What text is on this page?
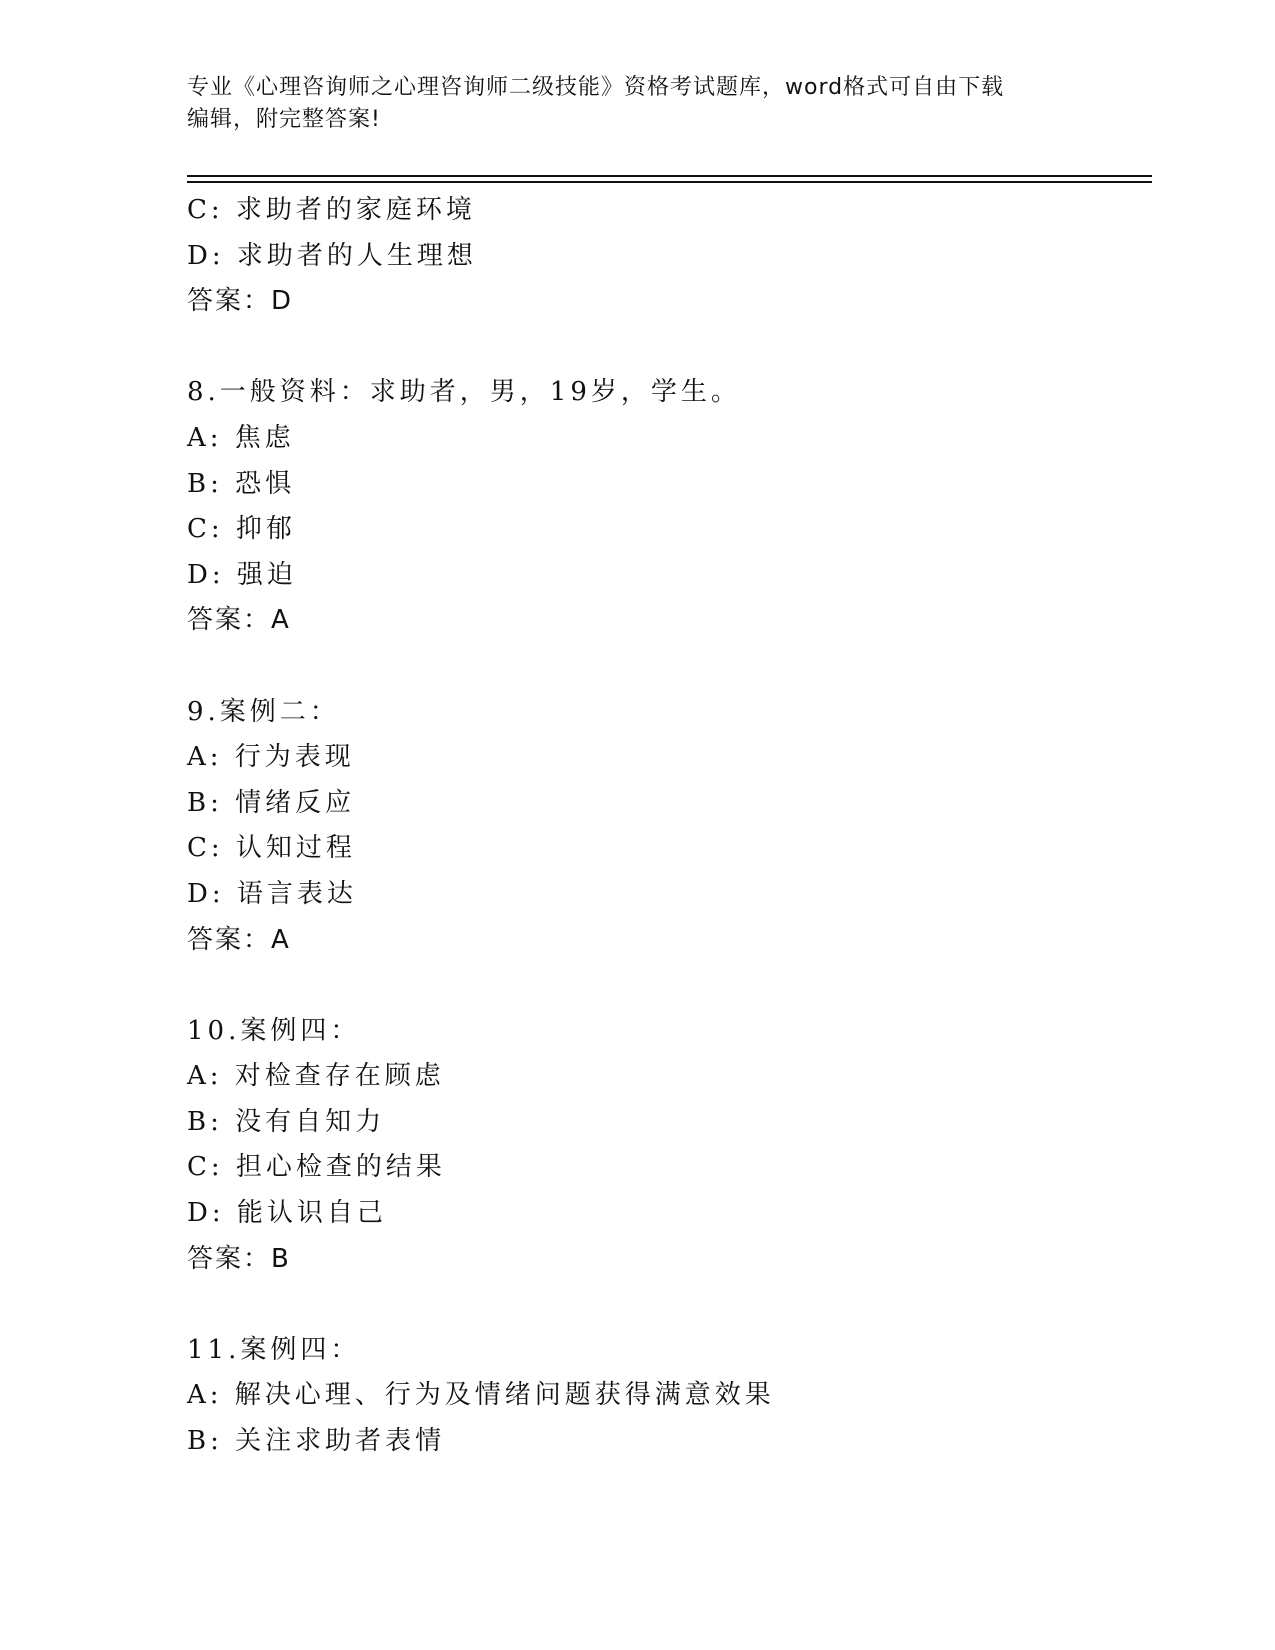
专业《心理咨询师之心理咨询师二级技能》资格考试题库，word格式可自由下载
编辑，附完整答案!
C: 求助者的家庭环境
D: 求助者的人生理想
答案：D
8.一般资料：求助者，男，19岁，学生。
A: 焦虑
B: 恐惧
C: 抑郁
D: 强迫
答案：A
9.案例二：
A: 行为表现
B: 情绪反应
C: 认知过程
D: 语言表达
答案：A
10.案例四：
A: 对检查存在顾虑
B: 没有自知力
C: 担心检查的结果
D: 能认识自己
答案：B
11.案例四：
A: 解决心理、行为及情绪问题获得满意效果
B: 关注求助者表情
